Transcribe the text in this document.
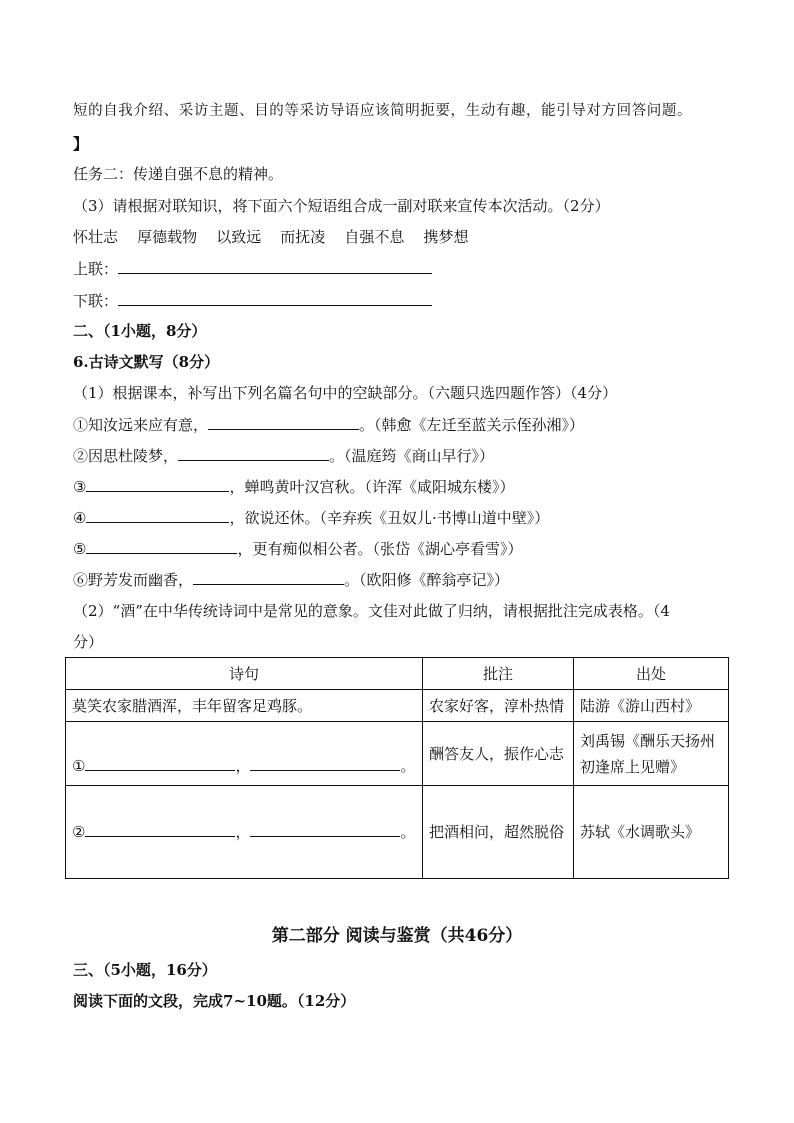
短的自我介绍、采访主题、目的等采访导语应该简明扼要，生动有趣，能引导对方回答问题。
】
任务二：传递自强不息的精神。
（3）请根据对联知识，将下面六个短语组合成一副对联来宣传本次活动。（2分）
怀壮志 厚德载物 以致远 而抚凌 自强不息 携梦想
上联：
下联：
二、（1小题，8分）
6.古诗文默写（8分）
（1）根据课本，补写出下列名篇名句中的空缺部分。（六题只选四题作答）（4分）
①知汝远来应有意，	。（韩愈《左迁至蓝关示侄孙湘》）
②因思杜陵梦，	。（温庭筠《商山早行》）
③	，蝉鸣黄叶汉宫秋。（许浑《咸阳城东楼》）
④	，欲说还休。（辛弃疾《丑奴儿·书博山道中壁》）
⑤	，更有痴似相公者。（张岱《湖心亭看雪》）
⑥野芳发而幽香，	。（欧阳修《醉翁亭记》）
（2）“酒”在中华传统诗词中是常见的意象。文佳对此做了归纳，请根据批注完成表格。（4
分）
诗句	批注	出处
莫笑农家腊酒浑，丰年留客足鸡豚。	农家好客，淳朴热情	陆游《游山西村》
① ， 。	酬答友人，振作心志	刘禹锡《酬乐天扬州
初逢席上见赠》

② ， 。	把酒相问，超然脱俗	苏轼《水调歌头》
第二部分 阅读与鉴赏（共46分）
三、（5小题，16分）
阅读下面的文段，完成7~10题。（12分）
